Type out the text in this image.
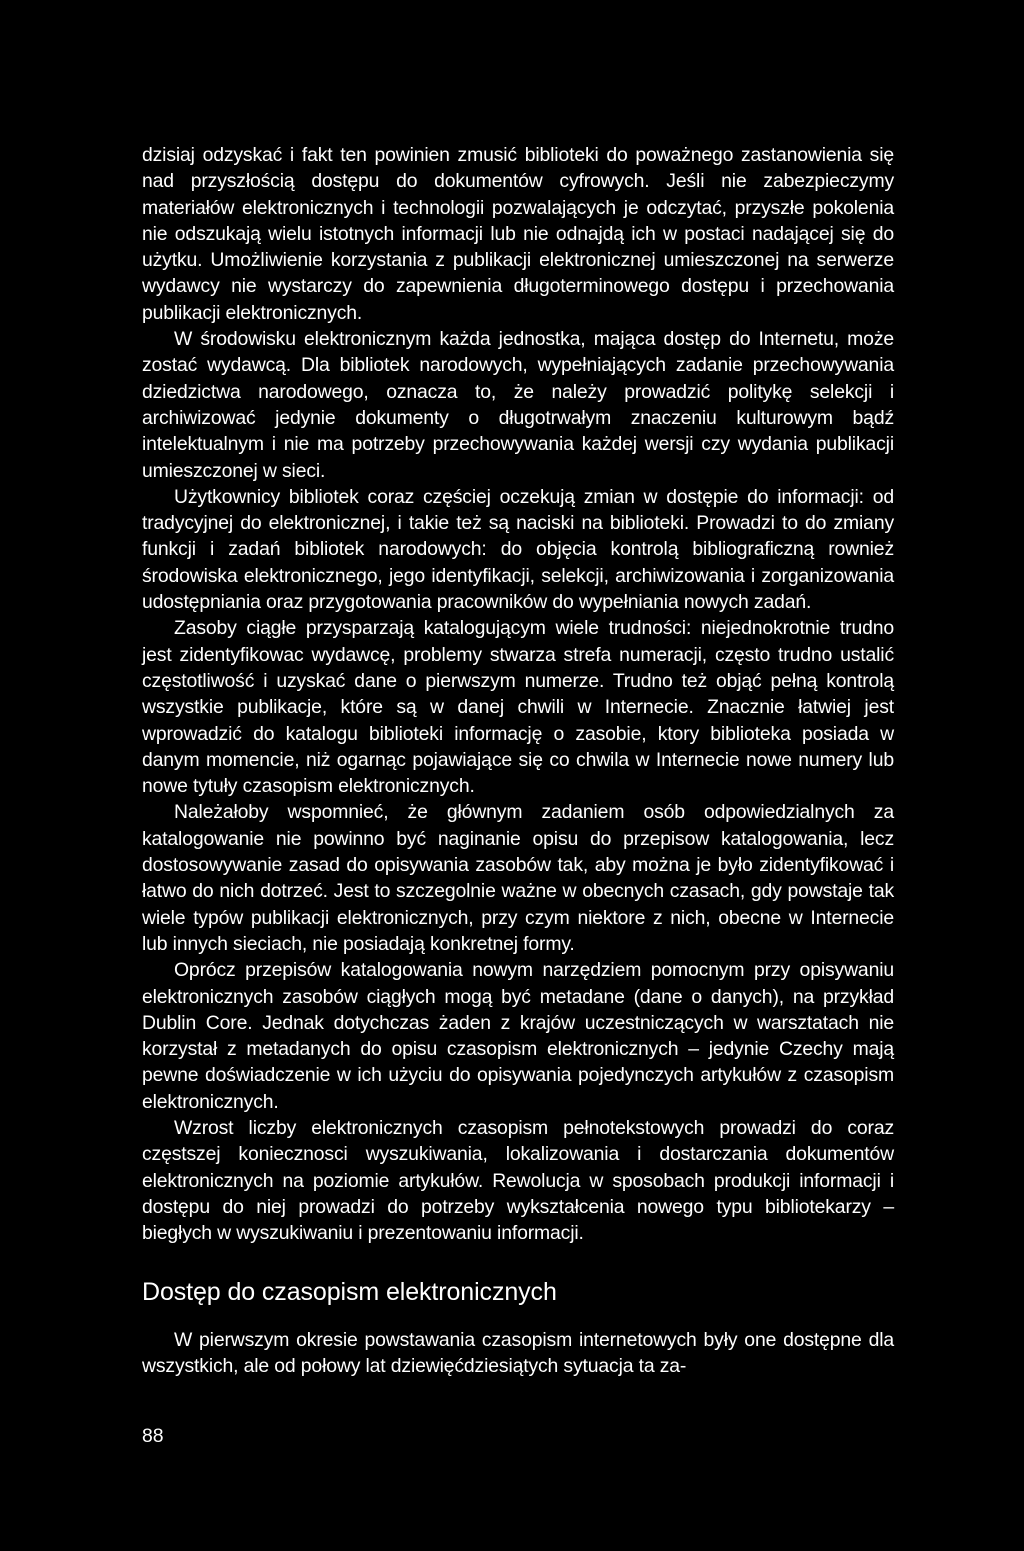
dzisiaj odzyskać i fakt ten powinien zmusić biblioteki do poważnego zastanowienia się nad przyszłością dostępu do dokumentów cyfrowych. Jeśli nie zabezpieczymy materiałów elektronicznych i technologii pozwalających je odczytać, przyszłe pokolenia nie odszukają wielu istotnych informacji lub nie odnajdą ich w postaci nadającej się do użytku. Umożliwienie korzystania z publikacji elektronicznej umieszczonej na serwerze wydawcy nie wystarczy do zapewnienia długoterminowego dostępu i przechowania publikacji elektronicznych.

W środowisku elektronicznym każda jednostka, mająca dostęp do Internetu, może zostać wydawcą. Dla bibliotek narodowych, wypełniających zadanie przechowywania dziedzictwa narodowego, oznacza to, że należy prowadzić politykę selekcji i archiwizować jedynie dokumenty o długotrwałym znaczeniu kulturowym bądź intelektualnym i nie ma potrzeby przechowywania każdej wersji czy wydania publikacji umieszczonej w sieci.

Użytkownicy bibliotek coraz częściej oczekują zmian w dostępie do informacji: od tradycyjnej do elektronicznej, i takie też są naciski na biblioteki. Prowadzi to do zmiany funkcji i zadań bibliotek narodowych: do objęcia kontrolą bibliograficzną rownież środowiska elektronicznego, jego identyfikacji, selekcji, archiwizowania i zorganizowania udostępniania oraz przygotowania pracowników do wypełniania nowych zadań.

Zasoby ciągłe przysparzają katalogującym wiele trudności: niejednokrotnie trudno jest zidentyfikowac wydawcę, problemy stwarza strefa numeracji, często trudno ustalić częstotliwość i uzyskać dane o pierwszym numerze. Trudno też objąć pełną kontrolą wszystkie publikacje, które są w danej chwili w Internecie. Znacznie łatwiej jest wprowadzić do katalogu biblioteki informację o zasobie, ktory biblioteka posiada w danym momencie, niż ogarnąc pojawiające się co chwila w Internecie nowe numery lub nowe tytuły czasopism elektronicznych.

Należałoby wspomnieć, że głównym zadaniem osób odpowiedzialnych za katalogowanie nie powinno być naginanie opisu do przepisow katalogowania, lecz dostosowywanie zasad do opisywania zasobów tak, aby można je było zidentyfikować i łatwo do nich dotrzeć. Jest to szczegolnie ważne w obecnych czasach, gdy powstaje tak wiele typów publikacji elektronicznych, przy czym niektore z nich, obecne w Internecie lub innych sieciach, nie posiadają konkretnej formy.

Oprócz przepisów katalogowania nowym narzędziem pomocnym przy opisywaniu elektronicznych zasobów ciągłych mogą być metadane (dane o danych), na przykład Dublin Core. Jednak dotychczas żaden z krajów uczestniczących w warsztatach nie korzystał z metadanych do opisu czasopism elektronicznych – jedynie Czechy mają pewne doświadczenie w ich użyciu do opisywania pojedynczych artykułów z czasopism elektronicznych.

Wzrost liczby elektronicznych czasopism pełnotekstowych prowadzi do coraz częstszej koniecznosci wyszukiwania, lokalizowania i dostarczania dokumentów elektronicznych na poziomie artykułów. Rewolucja w sposobach produkcji informacji i dostępu do niej prowadzi do potrzeby wykształcenia nowego typu bibliotekarzy – biegłych w wyszukiwaniu i prezentowaniu informacji.

Dostęp do czasopism elektronicznych

W pierwszym okresie powstawania czasopism internetowych były one dostępne dla wszystkich, ale od połowy lat dziewięćdziesiątych sytuacja ta za-

88
